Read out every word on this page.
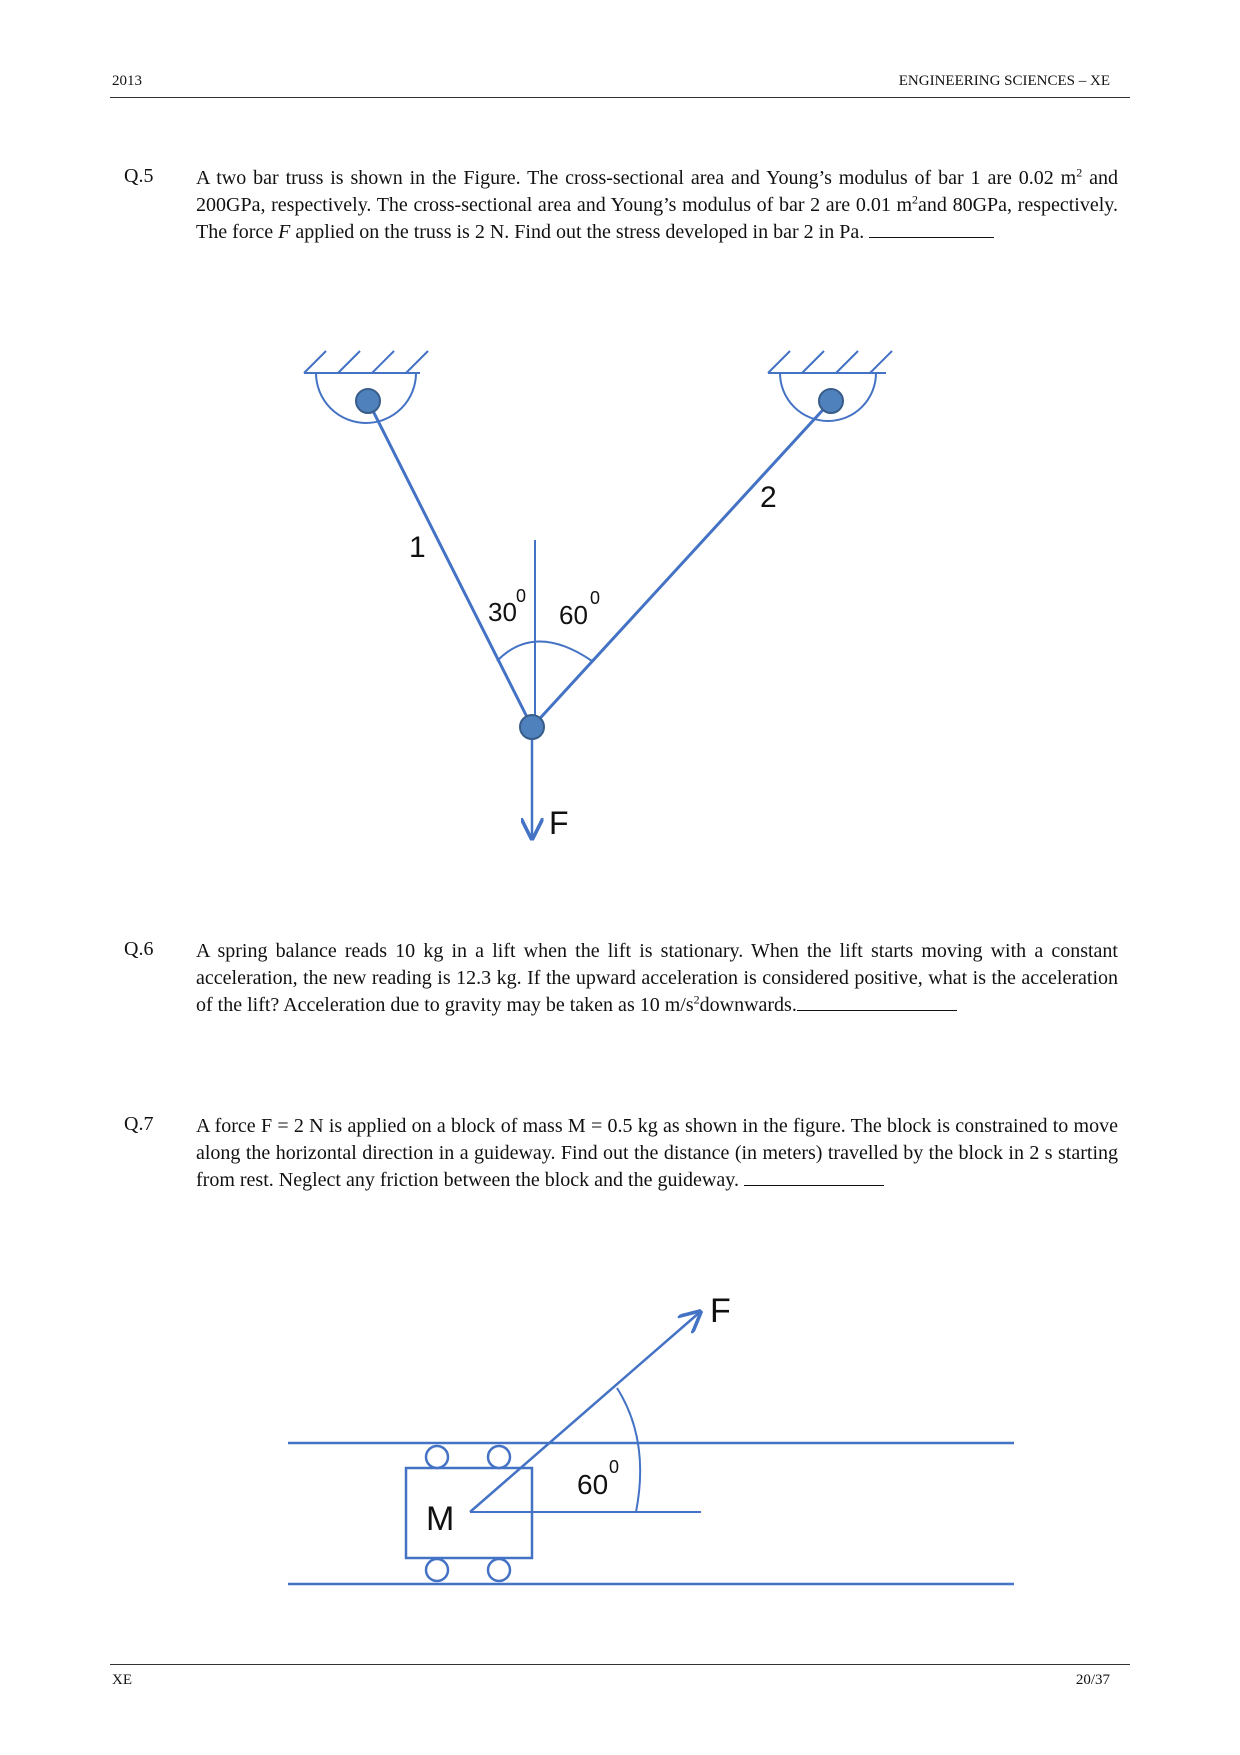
2013	ENGINEERING SCIENCES – XE
Q.5 A two bar truss is shown in the Figure. The cross-sectional area and Young’s modulus of bar 1 are 0.02 $m^2$ and 200GPa, respectively. The cross-sectional area and Young’s modulus of bar 2 are 0.01 $m^2and$ 80GPa, respectively. The force F applied on the truss is 2 N. Find out the stress developed in bar 2 in Pa.
Q.6 A spring balance reads 10 kg in a lift when the lift is stationary. When the lift starts moving with a constant acceleration, the new reading is 12.3 kg. If the upward acceleration is considered positive, what is the acceleration of the lift? Acceleration due to gravity may be taken as 10 $m/s^2downwards$.
Q.7 A force F = 2 N is applied on a block of mass M = 0.5 kg as shown in the figure. The block is constrained to move along the horizontal direction in a guideway. Find out the distance (in meters) travelled by the block in 2 s starting from rest. Neglect any friction between the block and the guideway.
1
2
30
0
60
0
F
F
60
0
M
XE	20/37
